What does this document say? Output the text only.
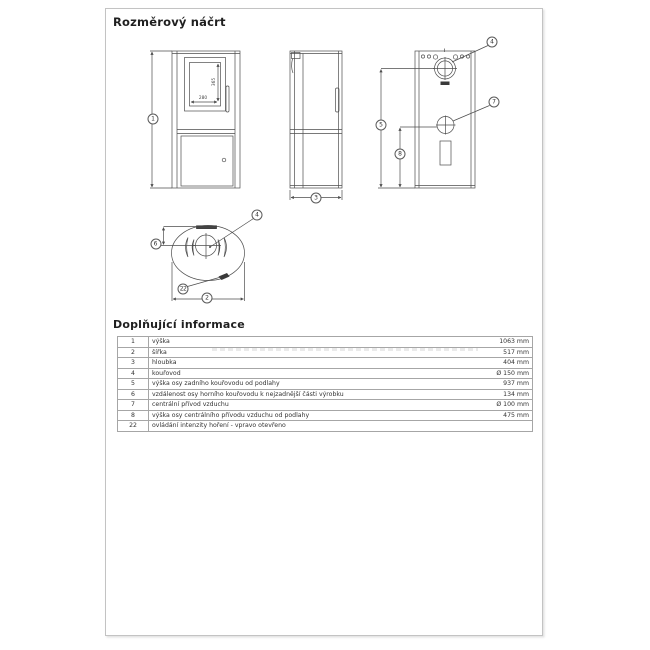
Rozměrový náčrt
1
3
4
7
5
8
4
6
22
2
365
280
Doplňující informace
1	výška	1063 mm
2	šířka	517 mm
3	hloubka	404 mm
4	kouřovod	Ø 150 mm
5	výška osy zadního kouřovodu od podlahy	937 mm
6	vzdálenost osy horního kouřovodu k nejzadnější části výrobku	134 mm
7	centrální přívod vzduchu	Ø 100 mm
8	výška osy centrálního přívodu vzduchu od podlahy	475 mm
22	ovládání intenzity hoření - vpravo otevřeno	
